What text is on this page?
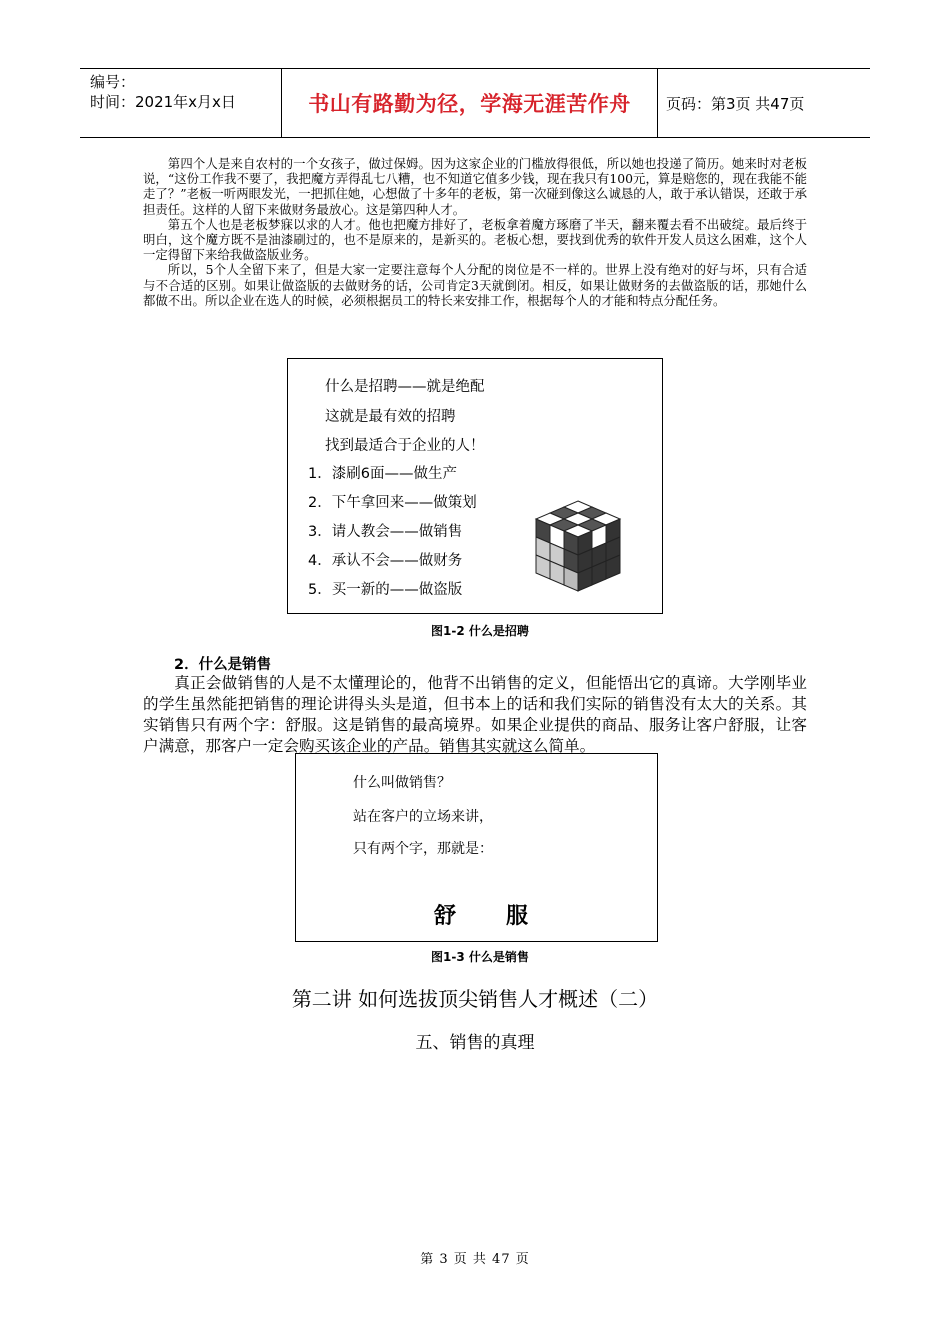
编号：
时间：2021年x月x日	书山有路勤为径，学海无涯苦作舟	页码：第3页 共47页

第四个人是来自农村的一个女孩子，做过保姆。因为这家企业的门槛放得很低，所以她也投递了简历。她来时对老板说，“这份工作我不要了，我把魔方弄得乱七八糟，也不知道它值多少钱，现在我只有100元，算是赔您的，现在我能不能走了？”老板一听两眼发光，一把抓住她，心想做了十多年的老板，第一次碰到像这么诚恳的人，敢于承认错误，还敢于承担责任。这样的人留下来做财务最放心。这是第四种人才。

第五个人也是老板梦寐以求的人才。他也把魔方排好了，老板拿着魔方琢磨了半天，翻来覆去看不出破绽。最后终于明白，这个魔方既不是油漆刷过的，也不是原来的，是新买的。老板心想，要找到优秀的软件开发人员这么困难，这个人一定得留下来给我做盗版业务。

所以，5个人全留下来了，但是大家一定要注意每个人分配的岗位是不一样的。世界上没有绝对的好与坏，只有合适与不合适的区别。如果让做盗版的去做财务的话，公司肯定3天就倒闭。相反，如果让做财务的去做盗版的话，那她什么都做不出。所以企业在选人的时候，必须根据员工的特长来安排工作，根据每个人的才能和特点分配任务。

什么是招聘——就是绝配
这就是最有效的招聘
找到最适合于企业的人！
1．漆刷6面——做生产
2．下午拿回来——做策划
3．请人教会——做销售
4．承认不会——做财务
5．买一新的——做盗版
图1-2 什么是招聘
2．什么是销售

真正会做销售的人是不太懂理论的，他背不出销售的定义，但能悟出它的真谛。大学刚毕业的学生虽然能把销售的理论讲得头头是道，但书本上的话和我们实际的销售没有太大的关系。其实销售只有两个字：舒服。这是销售的最高境界。如果企业提供的商品、服务让客户舒服，让客户满意，那客户一定会购买该企业的产品。销售其实就这么简单。

什么叫做销售？
站在客户的立场来讲，
只有两个字，那就是：
舒 服
图1-3 什么是销售
第二讲 如何选拔顶尖销售人才概述（二）
五、销售的真理
第 3 页 共 47 页
